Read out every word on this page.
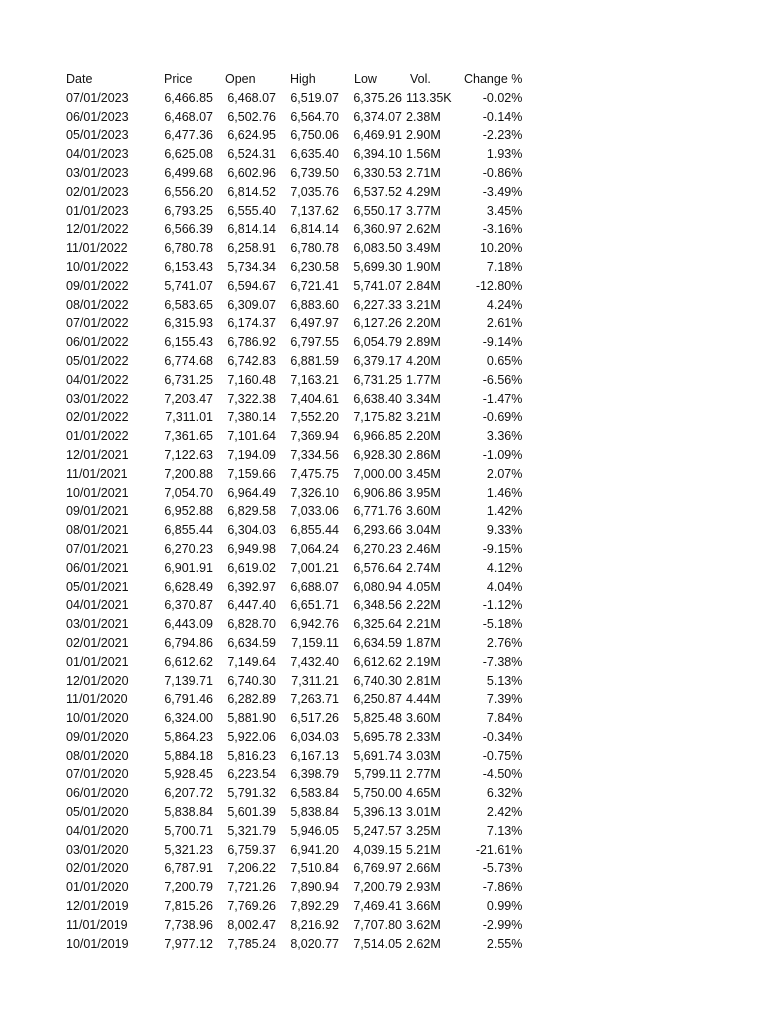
Date	Price	Open	High	Low	Vol.	Change %
07/01/2023	6,466.85	6,468.07	6,519.07	6,375.26	113.35K	-0.02%
06/01/2023	6,468.07	6,502.76	6,564.70	6,374.07	2.38M	-0.14%
05/01/2023	6,477.36	6,624.95	6,750.06	6,469.91	2.90M	-2.23%
04/01/2023	6,625.08	6,524.31	6,635.40	6,394.10	1.56M	1.93%
03/01/2023	6,499.68	6,602.96	6,739.50	6,330.53	2.71M	-0.86%
02/01/2023	6,556.20	6,814.52	7,035.76	6,537.52	4.29M	-3.49%
01/01/2023	6,793.25	6,555.40	7,137.62	6,550.17	3.77M	3.45%
12/01/2022	6,566.39	6,814.14	6,814.14	6,360.97	2.62M	-3.16%
11/01/2022	6,780.78	6,258.91	6,780.78	6,083.50	3.49M	10.20%
10/01/2022	6,153.43	5,734.34	6,230.58	5,699.30	1.90M	7.18%
09/01/2022	5,741.07	6,594.67	6,721.41	5,741.07	2.84M	-12.80%
08/01/2022	6,583.65	6,309.07	6,883.60	6,227.33	3.21M	4.24%
07/01/2022	6,315.93	6,174.37	6,497.97	6,127.26	2.20M	2.61%
06/01/2022	6,155.43	6,786.92	6,797.55	6,054.79	2.89M	-9.14%
05/01/2022	6,774.68	6,742.83	6,881.59	6,379.17	4.20M	0.65%
04/01/2022	6,731.25	7,160.48	7,163.21	6,731.25	1.77M	-6.56%
03/01/2022	7,203.47	7,322.38	7,404.61	6,638.40	3.34M	-1.47%
02/01/2022	7,311.01	7,380.14	7,552.20	7,175.82	3.21M	-0.69%
01/01/2022	7,361.65	7,101.64	7,369.94	6,966.85	2.20M	3.36%
12/01/2021	7,122.63	7,194.09	7,334.56	6,928.30	2.86M	-1.09%
11/01/2021	7,200.88	7,159.66	7,475.75	7,000.00	3.45M	2.07%
10/01/2021	7,054.70	6,964.49	7,326.10	6,906.86	3.95M	1.46%
09/01/2021	6,952.88	6,829.58	7,033.06	6,771.76	3.60M	1.42%
08/01/2021	6,855.44	6,304.03	6,855.44	6,293.66	3.04M	9.33%
07/01/2021	6,270.23	6,949.98	7,064.24	6,270.23	2.46M	-9.15%
06/01/2021	6,901.91	6,619.02	7,001.21	6,576.64	2.74M	4.12%
05/01/2021	6,628.49	6,392.97	6,688.07	6,080.94	4.05M	4.04%
04/01/2021	6,370.87	6,447.40	6,651.71	6,348.56	2.22M	-1.12%
03/01/2021	6,443.09	6,828.70	6,942.76	6,325.64	2.21M	-5.18%
02/01/2021	6,794.86	6,634.59	7,159.11	6,634.59	1.87M	2.76%
01/01/2021	6,612.62	7,149.64	7,432.40	6,612.62	2.19M	-7.38%
12/01/2020	7,139.71	6,740.30	7,311.21	6,740.30	2.81M	5.13%
11/01/2020	6,791.46	6,282.89	7,263.71	6,250.87	4.44M	7.39%
10/01/2020	6,324.00	5,881.90	6,517.26	5,825.48	3.60M	7.84%
09/01/2020	5,864.23	5,922.06	6,034.03	5,695.78	2.33M	-0.34%
08/01/2020	5,884.18	5,816.23	6,167.13	5,691.74	3.03M	-0.75%
07/01/2020	5,928.45	6,223.54	6,398.79	5,799.11	2.77M	-4.50%
06/01/2020	6,207.72	5,791.32	6,583.84	5,750.00	4.65M	6.32%
05/01/2020	5,838.84	5,601.39	5,838.84	5,396.13	3.01M	2.42%
04/01/2020	5,700.71	5,321.79	5,946.05	5,247.57	3.25M	7.13%
03/01/2020	5,321.23	6,759.37	6,941.20	4,039.15	5.21M	-21.61%
02/01/2020	6,787.91	7,206.22	7,510.84	6,769.97	2.66M	-5.73%
01/01/2020	7,200.79	7,721.26	7,890.94	7,200.79	2.93M	-7.86%
12/01/2019	7,815.26	7,769.26	7,892.29	7,469.41	3.66M	0.99%
11/01/2019	7,738.96	8,002.47	8,216.92	7,707.80	3.62M	-2.99%
10/01/2019	7,977.12	7,785.24	8,020.77	7,514.05	2.62M	2.55%
